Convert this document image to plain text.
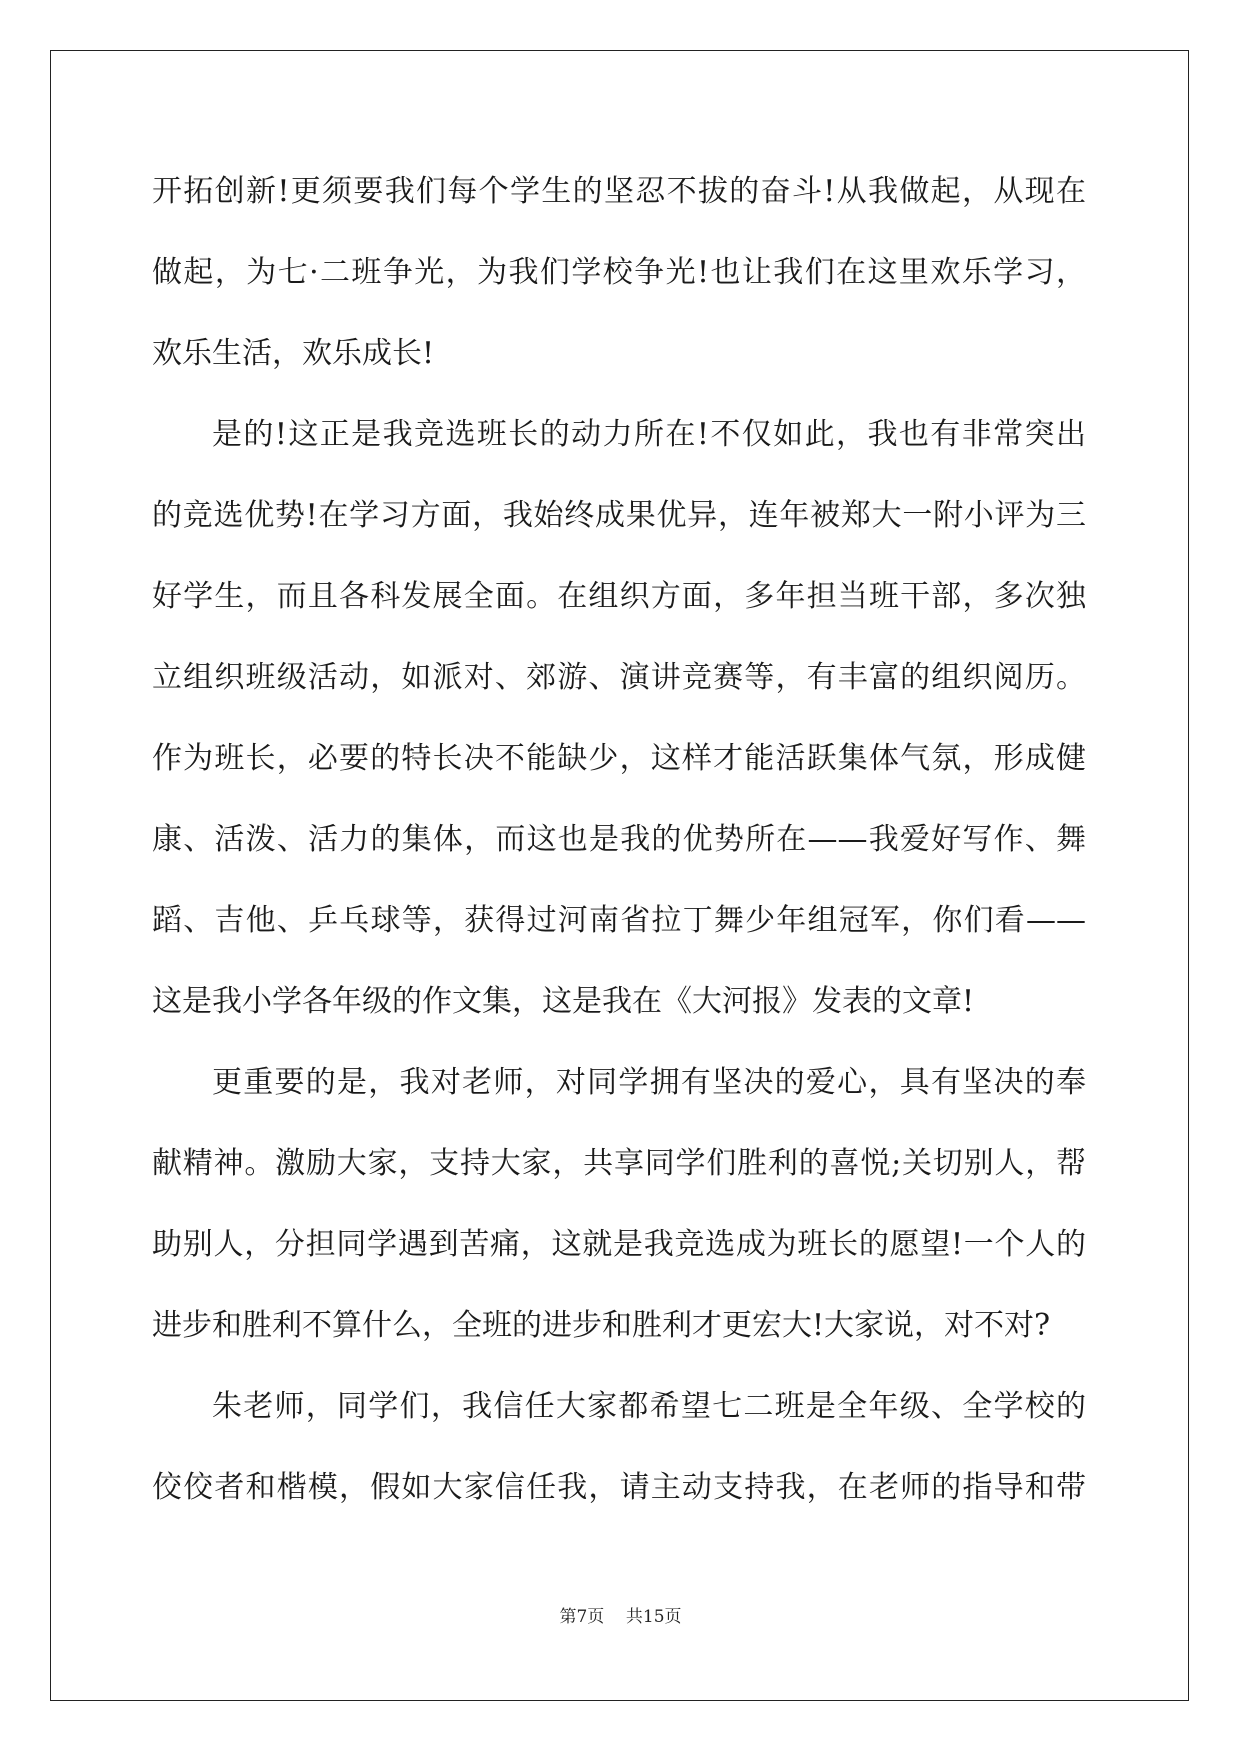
开拓创新!更须要我们每个学生的坚忍不拔的奋斗!从我做起，从现在
做起，为七·二班争光，为我们学校争光!也让我们在这里欢乐学习，
欢乐生活，欢乐成长!
是的!这正是我竞选班长的动力所在!不仅如此，我也有非常突出
的竞选优势!在学习方面，我始终成果优异，连年被郑大一附小评为三
好学生，而且各科发展全面。在组织方面，多年担当班干部，多次独
立组织班级活动，如派对、郊游、演讲竞赛等，有丰富的组织阅历。
作为班长，必要的特长决不能缺少，这样才能活跃集体气氛，形成健
康、活泼、活力的集体，而这也是我的优势所在——我爱好写作、舞
蹈、吉他、乒乓球等，获得过河南省拉丁舞少年组冠军，你们看——
这是我小学各年级的作文集，这是我在《大河报》发表的文章!
更重要的是，我对老师，对同学拥有坚决的爱心，具有坚决的奉
献精神。激励大家，支持大家，共享同学们胜利的喜悦;关切别人，帮
助别人，分担同学遇到苦痛，这就是我竞选成为班长的愿望!一个人的
进步和胜利不算什么，全班的进步和胜利才更宏大!大家说，对不对?
朱老师，同学们，我信任大家都希望七二班是全年级、全学校的
佼佼者和楷模，假如大家信任我，请主动支持我，在老师的指导和带
第7页 共15页
